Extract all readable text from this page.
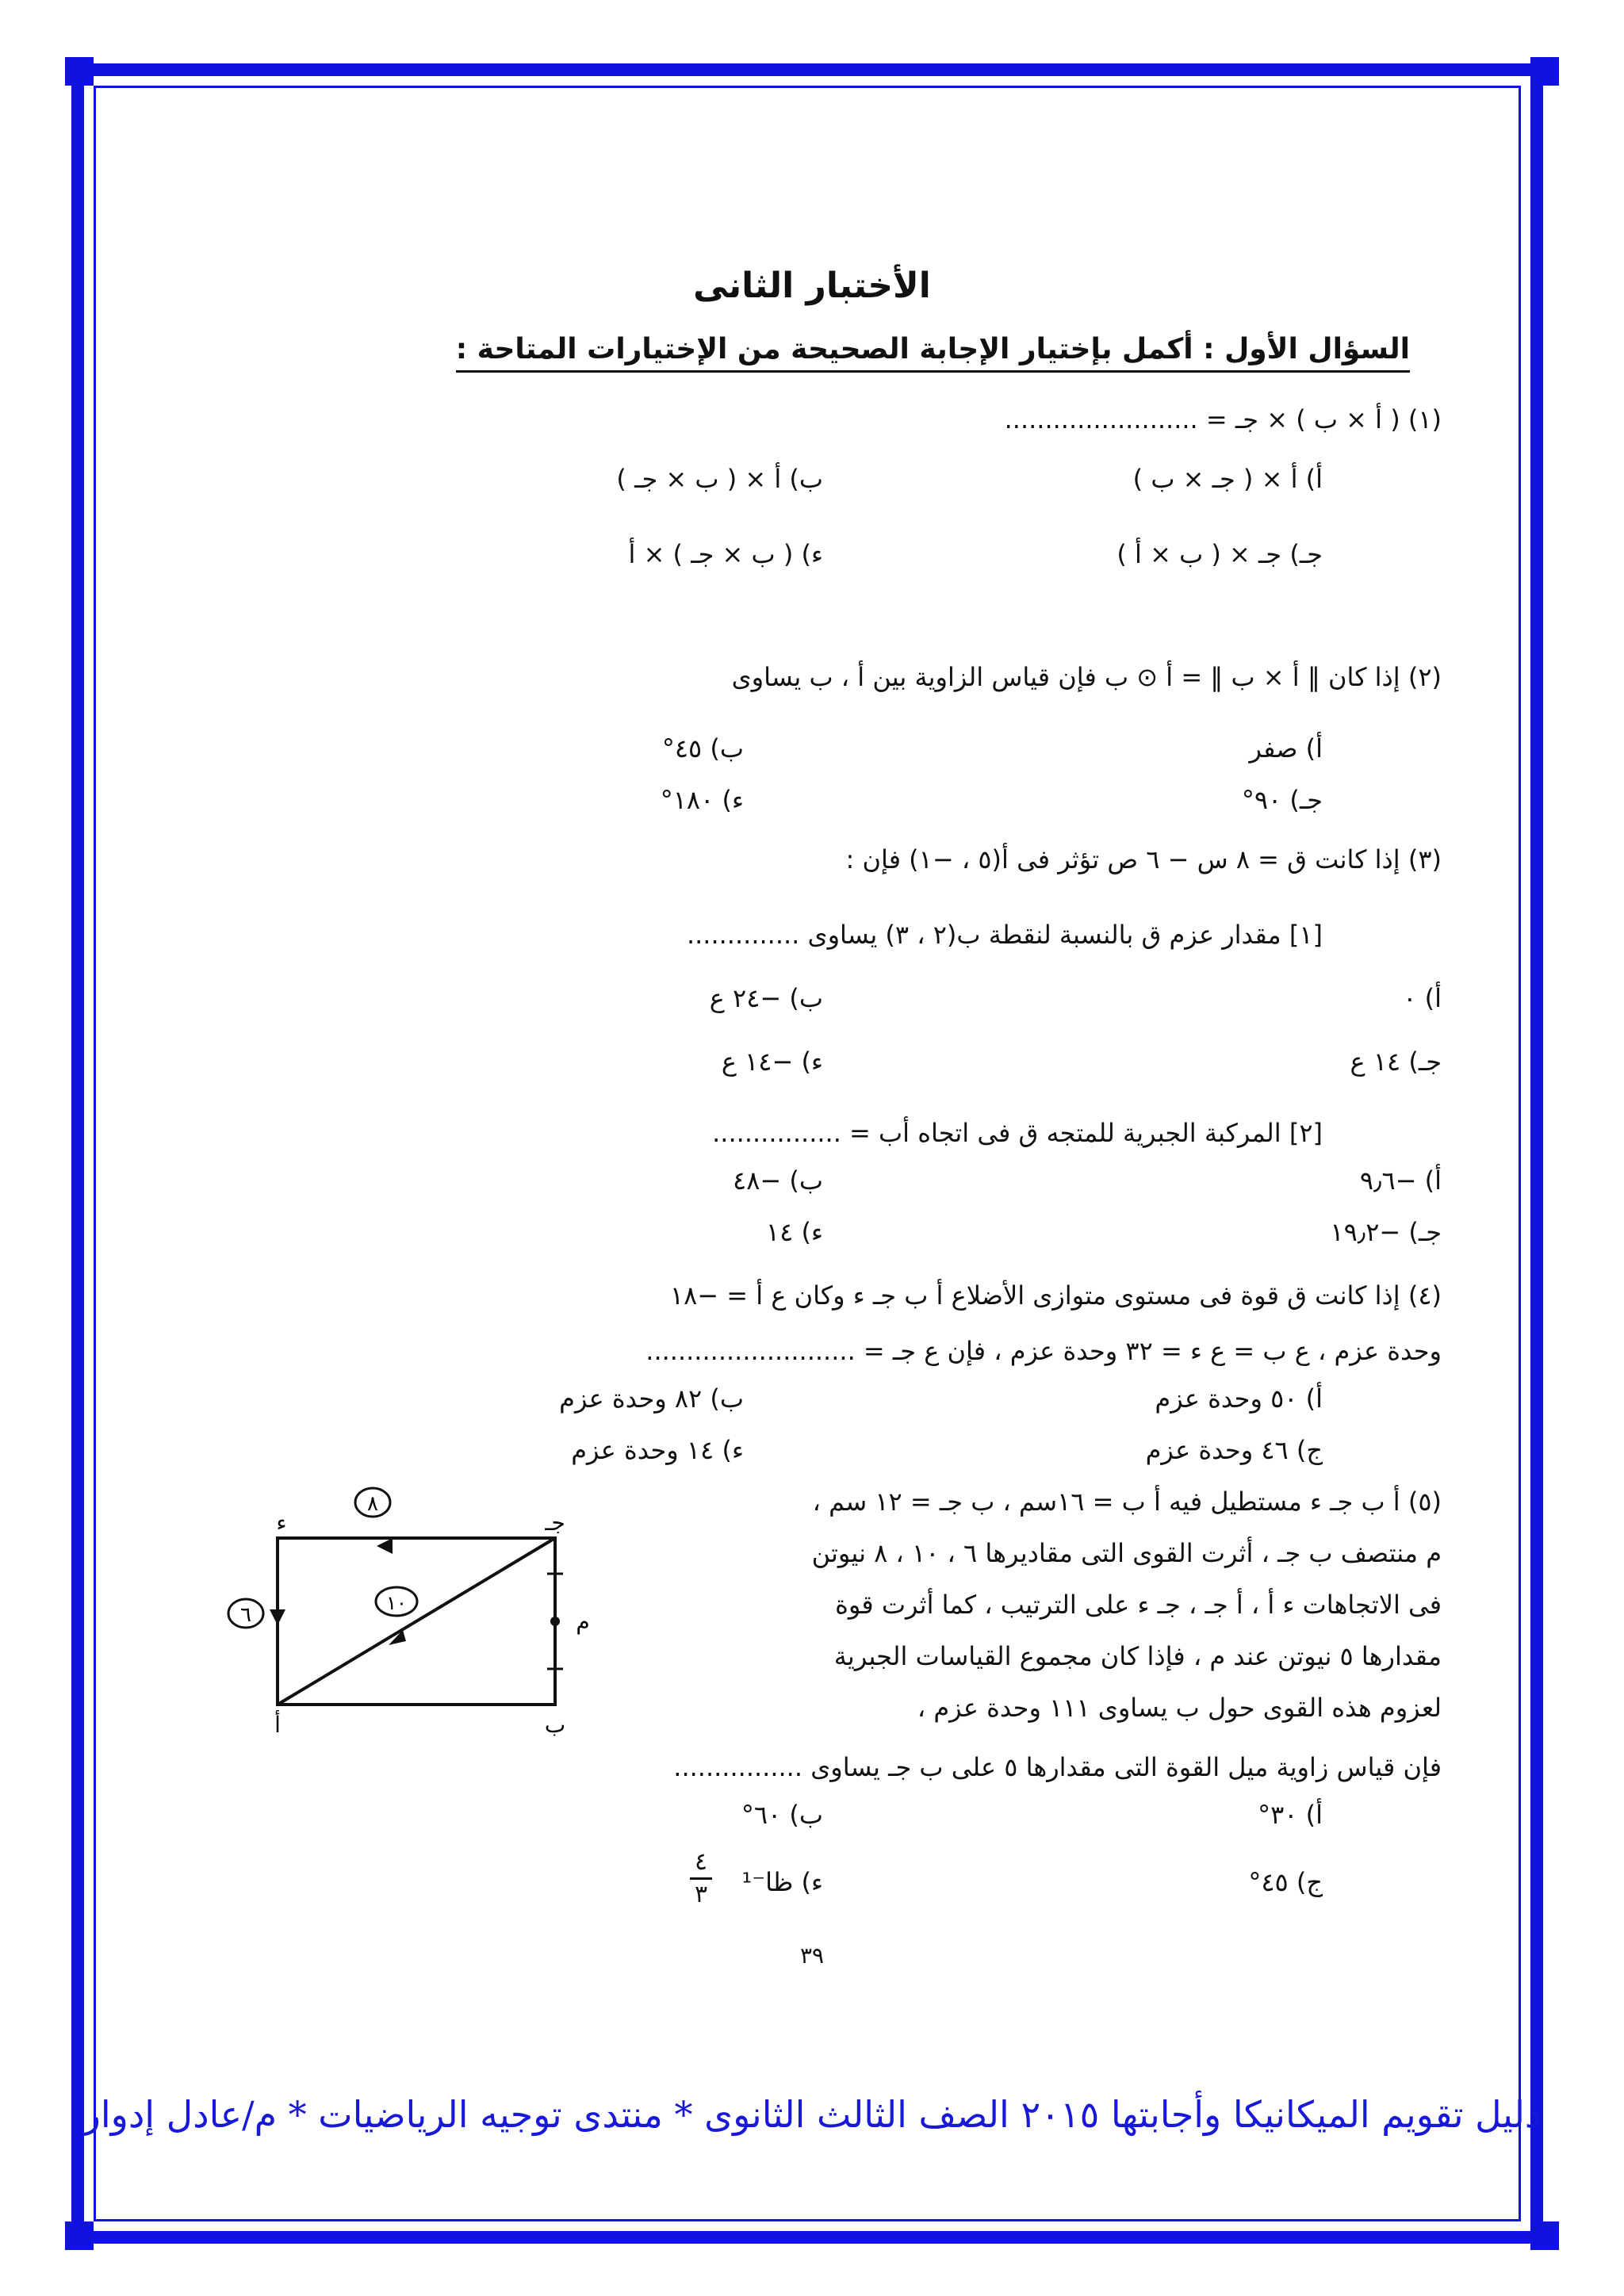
الأختبار الثانى
السؤال الأول : أكمل بإختيار الإجابة الصحيحة من الإختيارات المتاحة :
(١) ( أ × ب ) × جـ = ........................
أ) أ × ( جـ × ب )
ب) أ × ( ب × جـ )
جـ) جـ × ( ب × أ )
ء) ( ب × جـ ) × أ
(٢) إذا كان ‖ أ × ب ‖ = أ ⊙ ب فإن قياس الزاوية بين أ ، ب يساوى
أ) صفر
ب) ٤٥°
جـ) ٩٠°
ء) ١٨٠°
(٣) إذا كانت ق = ٨ س − ٦ ص تؤثر فى أ(٥ ، −١) فإن :
[١] مقدار عزم ق بالنسبة لنقطة ب(٢ ، ٣) يساوى ..............
أ) ٠
ب) −٢٤ ع
جـ) ١٤ ع
ء) −١٤ ع
[٢] المركبة الجبرية للمتجه ق فى اتجاه أب = ................
أ) −٩٫٦
ب) −٤٨
جـ) −١٩٫٢
ء) ١٤
(٤) إذا كانت ق قوة فى مستوى متوازى الأضلاع أ ب جـ ء وكان ع أ = −١٨
وحدة عزم ، ع ب = ع ء = ٣٢ وحدة عزم ، فإن ع جـ = ..........................
أ) ٥٠ وحدة عزم
ب) ٨٢ وحدة عزم
ج) ٤٦ وحدة عزم
ء) ١٤ وحدة عزم
(٥) أ ب جـ ء مستطيل فيه أ ب = ١٦سم ، ب جـ = ١٢ سم ،
م منتصف ب جـ ، أثرت القوى التى مقاديرها ٦ ، ١٠ ، ٨ نيوتن
فى الاتجاهات ء أ ، أ جـ ، جـ ء على الترتيب ، كما أثرت قوة
مقدارها ٥ نيوتن عند م ، فإذا كان مجموع القياسات الجبرية
لعزوم هذه القوى حول ب يساوى ١١١ وحدة عزم ،
فإن قياس زاوية ميل القوة التى مقدارها ٥ على ب جـ يساوى ................
أ) ٣٠°
ب) ٦٠°
ج) ٤٥°
ء) ظا⁻¹
٤
٣
٨
٦	١٠
ء	جـ
أ	ب
م
٣٩
دليل تقويم الميكانيكا وأجابتها ٢٠١٥ الصف الثالث الثانوى * منتدى توجيه الرياضيات * م/عادل إدوار
